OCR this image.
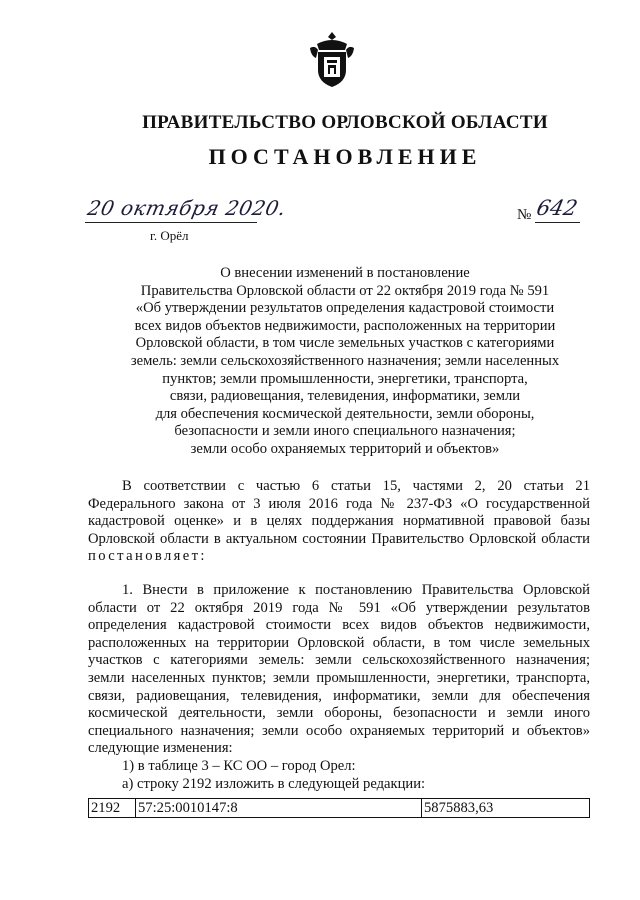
ПРАВИТЕЛЬСТВО ОРЛОВСКОЙ ОБЛАСТИ
ПОСТАНОВЛЕНИЕ
20 октября 2020.
г. Орёл
№ 642
О внесении изменений в постановление
Правительства Орловской области от 22 октября 2019 года № 591
«Об утверждении результатов определения кадастровой стоимости
всех видов объектов недвижимости, расположенных на территории
Орловской области, в том числе земельных участков с категориями
земель: земли сельскохозяйственного назначения; земли населенных
пунктов; земли промышленности, энергетики, транспорта,
связи, радиовещания, телевидения, информатики, земли
для обеспечения космической деятельности, земли обороны,
безопасности и земли иного специального назначения;
земли особо охраняемых территорий и объектов»
В соответствии с частью 6 статьи 15, частями 2, 20 статьи 21
Федерального закона от 3 июля 2016 года № 237-ФЗ «О государственной
кадастровой оценке» и в целях поддержания нормативной правовой базы
Орловской области в актуальном состоянии Правительство Орловской области
постановляет:
1. Внести в приложение к постановлению Правительства Орловской
области от 22 октября 2019 года № 591 «Об утверждении результатов
определения кадастровой стоимости всех видов объектов недвижимости,
расположенных на территории Орловской области, в том числе земельных
участков с категориями земель: земли сельскохозяйственного назначения;
земли населенных пунктов; земли промышленности, энергетики, транспорта,
связи, радиовещания, телевидения, информатики, земли для обеспечения
космической деятельности, земли обороны, безопасности и земли иного
специального назначения; земли особо охраняемых территорий и объектов»
следующие изменения:
1) в таблице 3 – КС ОО – город Орел:
а) строку 2192 изложить в следующей редакции:
2192	57:25:0010147:8	5875883,63
